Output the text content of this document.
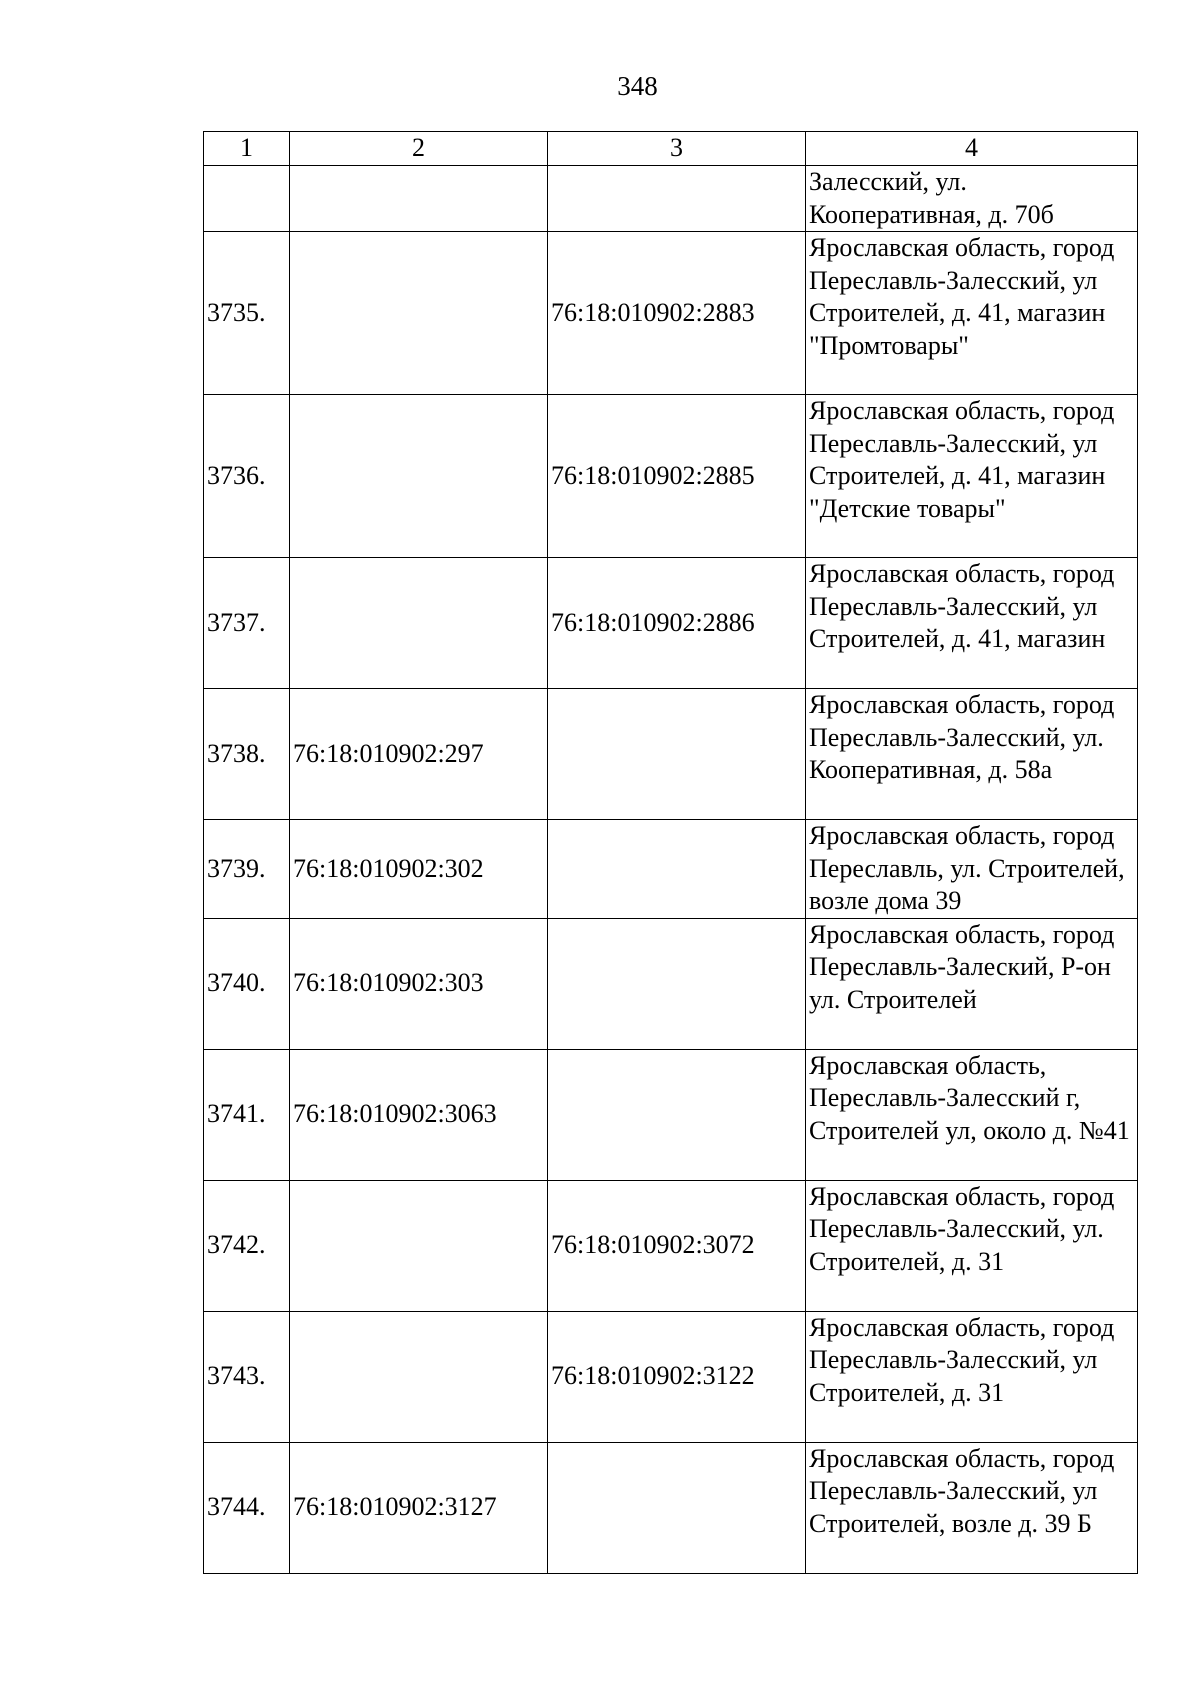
348
1	2	3	4
			Залесский, ул. Кооперативная, д. 70б
3735.		76:18:010902:2883	Ярославская область, город Переславль-Залесский, ул Строителей, д. 41, магазин "Промтовары"
3736.		76:18:010902:2885	Ярославская область, город Переславль-Залесский, ул Строителей, д. 41, магазин "Детские товары"
3737.		76:18:010902:2886	Ярославская область, город Переславль-Залесский, ул Строителей, д. 41, магазин
3738.	76:18:010902:297		Ярославская область, город Переславль-Залесский, ул. Кооперативная, д. 58а
3739.	76:18:010902:302		Ярославская область, город Переславль, ул. Строителей, возле дома 39
3740.	76:18:010902:303		Ярославская область, город Переславль-Залеский, Р-он ул. Строителей
3741.	76:18:010902:3063		Ярославская область, Переславль-Залесский г, Строителей ул, около д. №41
3742.		76:18:010902:3072	Ярославская область, город Переславль-Залесский, ул. Строителей, д. 31
3743.		76:18:010902:3122	Ярославская область, город Переславль-Залесский, ул Строителей, д. 31
3744.	76:18:010902:3127		Ярославская область, город Переславль-Залесский, ул Строителей, возле д. 39 Б
